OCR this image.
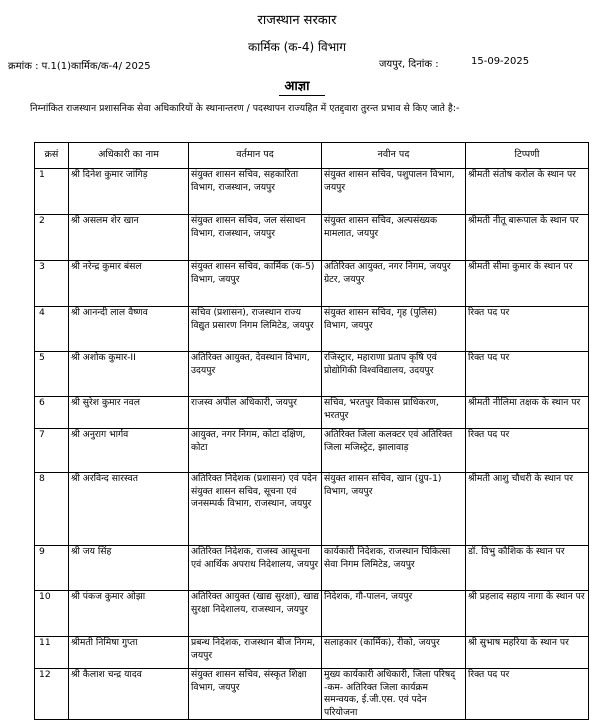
राजस्थान सरकार
कार्मिक (क-4) विभाग
क्रमांक : प.1(1)कार्मिक/क-4/ 2025	जयपुर, दिनांक :	15-09-2025
आज्ञा
निम्नांकित राजस्थान प्रशासनिक सेवा अधिकारियों के स्थानान्तरण / पदस्थापन राज्यहित में एतद्द्वारा तुरन्त प्रभाव से किए जाते है:-
क्रसं	अधिकारी का नाम	वर्तमान पद	नवीन पद	टिप्पणी
1	श्री दिनेश कुमार जांगिड़	संयुक्त शासन सचिव, सहकारिता विभाग, राजस्थान, जयपुर	संयुक्त शासन सचिव, पशुपालन विभाग, जयपुर	श्रीमती संतोष करोल के स्थान पर
2	श्री असलम शेर खान	संयुक्त शासन सचिव, जल संसाधन विभाग, राजस्थान, जयपुर	संयुक्त शासन सचिव, अल्पसंख्यक मामलात, जयपुर	श्रीमती नीतू बारूपाल के स्थान पर
3	श्री नरेन्द्र कुमार बंसल	संयुक्त शासन सचिव, कार्मिक (क-5) विभाग, जयपुर	अतिरिक्त आयुक्त, नगर निगम, जयपुर ग्रेटर, जयपुर	श्रीमती सीमा कुमार के स्थान पर
4	श्री आनन्दी लाल वैष्णव	सचिव (प्रशासन), राजस्थान राज्य विद्युत प्रसारण निगम लिमिटेड, जयपुर	संयुक्त शासन सचिव, गृह (पुलिस) विभाग, जयपुर	रिक्त पद पर
5	श्री अशोक कुमार-II	अतिरिक्त आयुक्त, देवस्थान विभाग, उदयपुर	रजिस्ट्रार, महाराणा प्रताप कृषि एवं प्रोद्योगिकी विश्वविद्यालय, उदयपुर	रिक्त पद पर
6	श्री सुरेश कुमार नवल	राजस्व अपील अधिकारी, जयपुर	सचिव, भरतपुर विकास प्राधिकरण, भरतपुर	श्रीमती नीलिमा तक्षक के स्थान पर
7	श्री अनुराग भार्गव	आयुक्त, नगर निगम, कोटा दक्षिण, कोटा	अतिरिक्त जिला कलक्टर एवं अतिरिक्त जिला मजिस्ट्रेट, झालावाड़	रिक्त पद पर
8	श्री अरविन्द सारस्वत	अतिरिक्त निदेशक (प्रशासन) एवं पदेन संयुक्त शासन सचिव, सूचना एवं जनसम्पर्क विभाग, राजस्थान, जयपुर	संयुक्त शासन सचिव, खान (ग्रुप-1) विभाग, जयपुर	श्रीमती आशु चौधरी के स्थान पर
9	श्री जय सिंह	अतिरिक्त निदेशक, राजस्व आसूचना एवं आर्थिक अपराध निदेशालय, जयपुर	कार्यकारी निदेशक, राजस्थान चिकित्सा सेवा निगम लिमिटेड, जयपुर	डॉ. विभु कौशिक के स्थान पर
10	श्री पंकज कुमार ओझा	अतिरिक्त आयुक्त (खाद्य सुरक्षा), खाद्य सुरक्षा निदेशालय, राजस्थान, जयपुर	निदेशक, गौ-पालन, जयपुर	श्री प्रहलाद सहाय नागा के स्थान पर
11	श्रीमती निमिषा गुप्ता	प्रबन्ध निदेशक, राजस्थान बीज निगम, जयपुर	सलाहकार (कार्मिक), रीको, जयपुर	श्री सुभाष महरिया के स्थान पर
12	श्री कैलाश चन्द्र यादव	संयुक्त शासन सचिव, संस्कृत शिक्षा विभाग, जयपुर	मुख्य कार्यकारी अधिकारी, जिला परिषद् -कम- अतिरिक्त जिला कार्यक्रम समन्वयक, ई.जी.एस. एवं पदेन परियोजना	रिक्त पद पर
